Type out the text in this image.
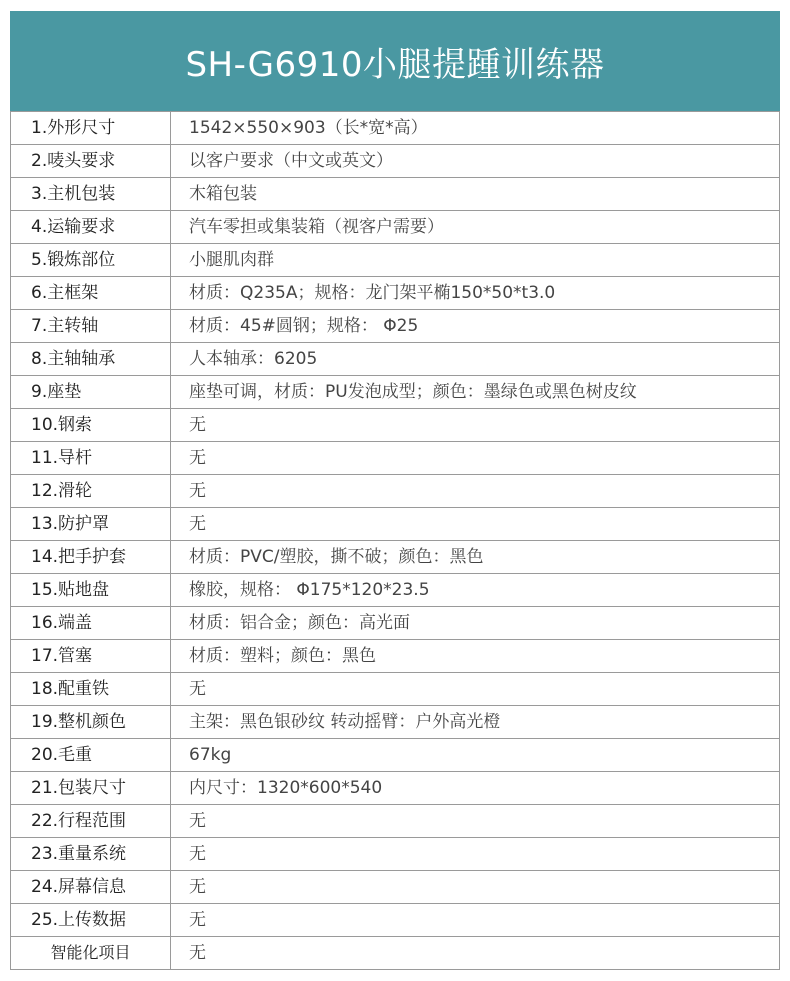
SH-G6910小腿提踵训练器
1.外形尺寸	1542×550×903（长*宽*高）
2.唛头要求	以客户要求（中文或英文）
3.主机包装	木箱包装
4.运输要求	汽车零担或集装箱（视客户需要）
5.锻炼部位	小腿肌肉群
6.主框架	材质：Q235A；规格：龙门架平椭150*50*t3.0
7.主转轴	材质：45#圆钢；规格： Φ25
8.主轴轴承	人本轴承：6205
9.座垫	座垫可调，材质：PU发泡成型；颜色：墨绿色或黑色树皮纹
10.钢索	无
11.导杆	无
12.滑轮	无
13.防护罩	无
14.把手护套	材质：PVC/塑胶，撕不破；颜色：黑色
15.贴地盘	橡胶，规格： Φ175*120*23.5
16.端盖	材质：铝合金；颜色：高光面
17.管塞	材质：塑料；颜色：黑色
18.配重铁	无
19.整机颜色	主架：黑色银砂纹 转动摇臂：户外高光橙
20.毛重	67kg
21.包装尺寸	内尺寸：1320*600*540
22.行程范围	无
23.重量系统	无
24.屏幕信息	无
25.上传数据	无
智能化项目	无
